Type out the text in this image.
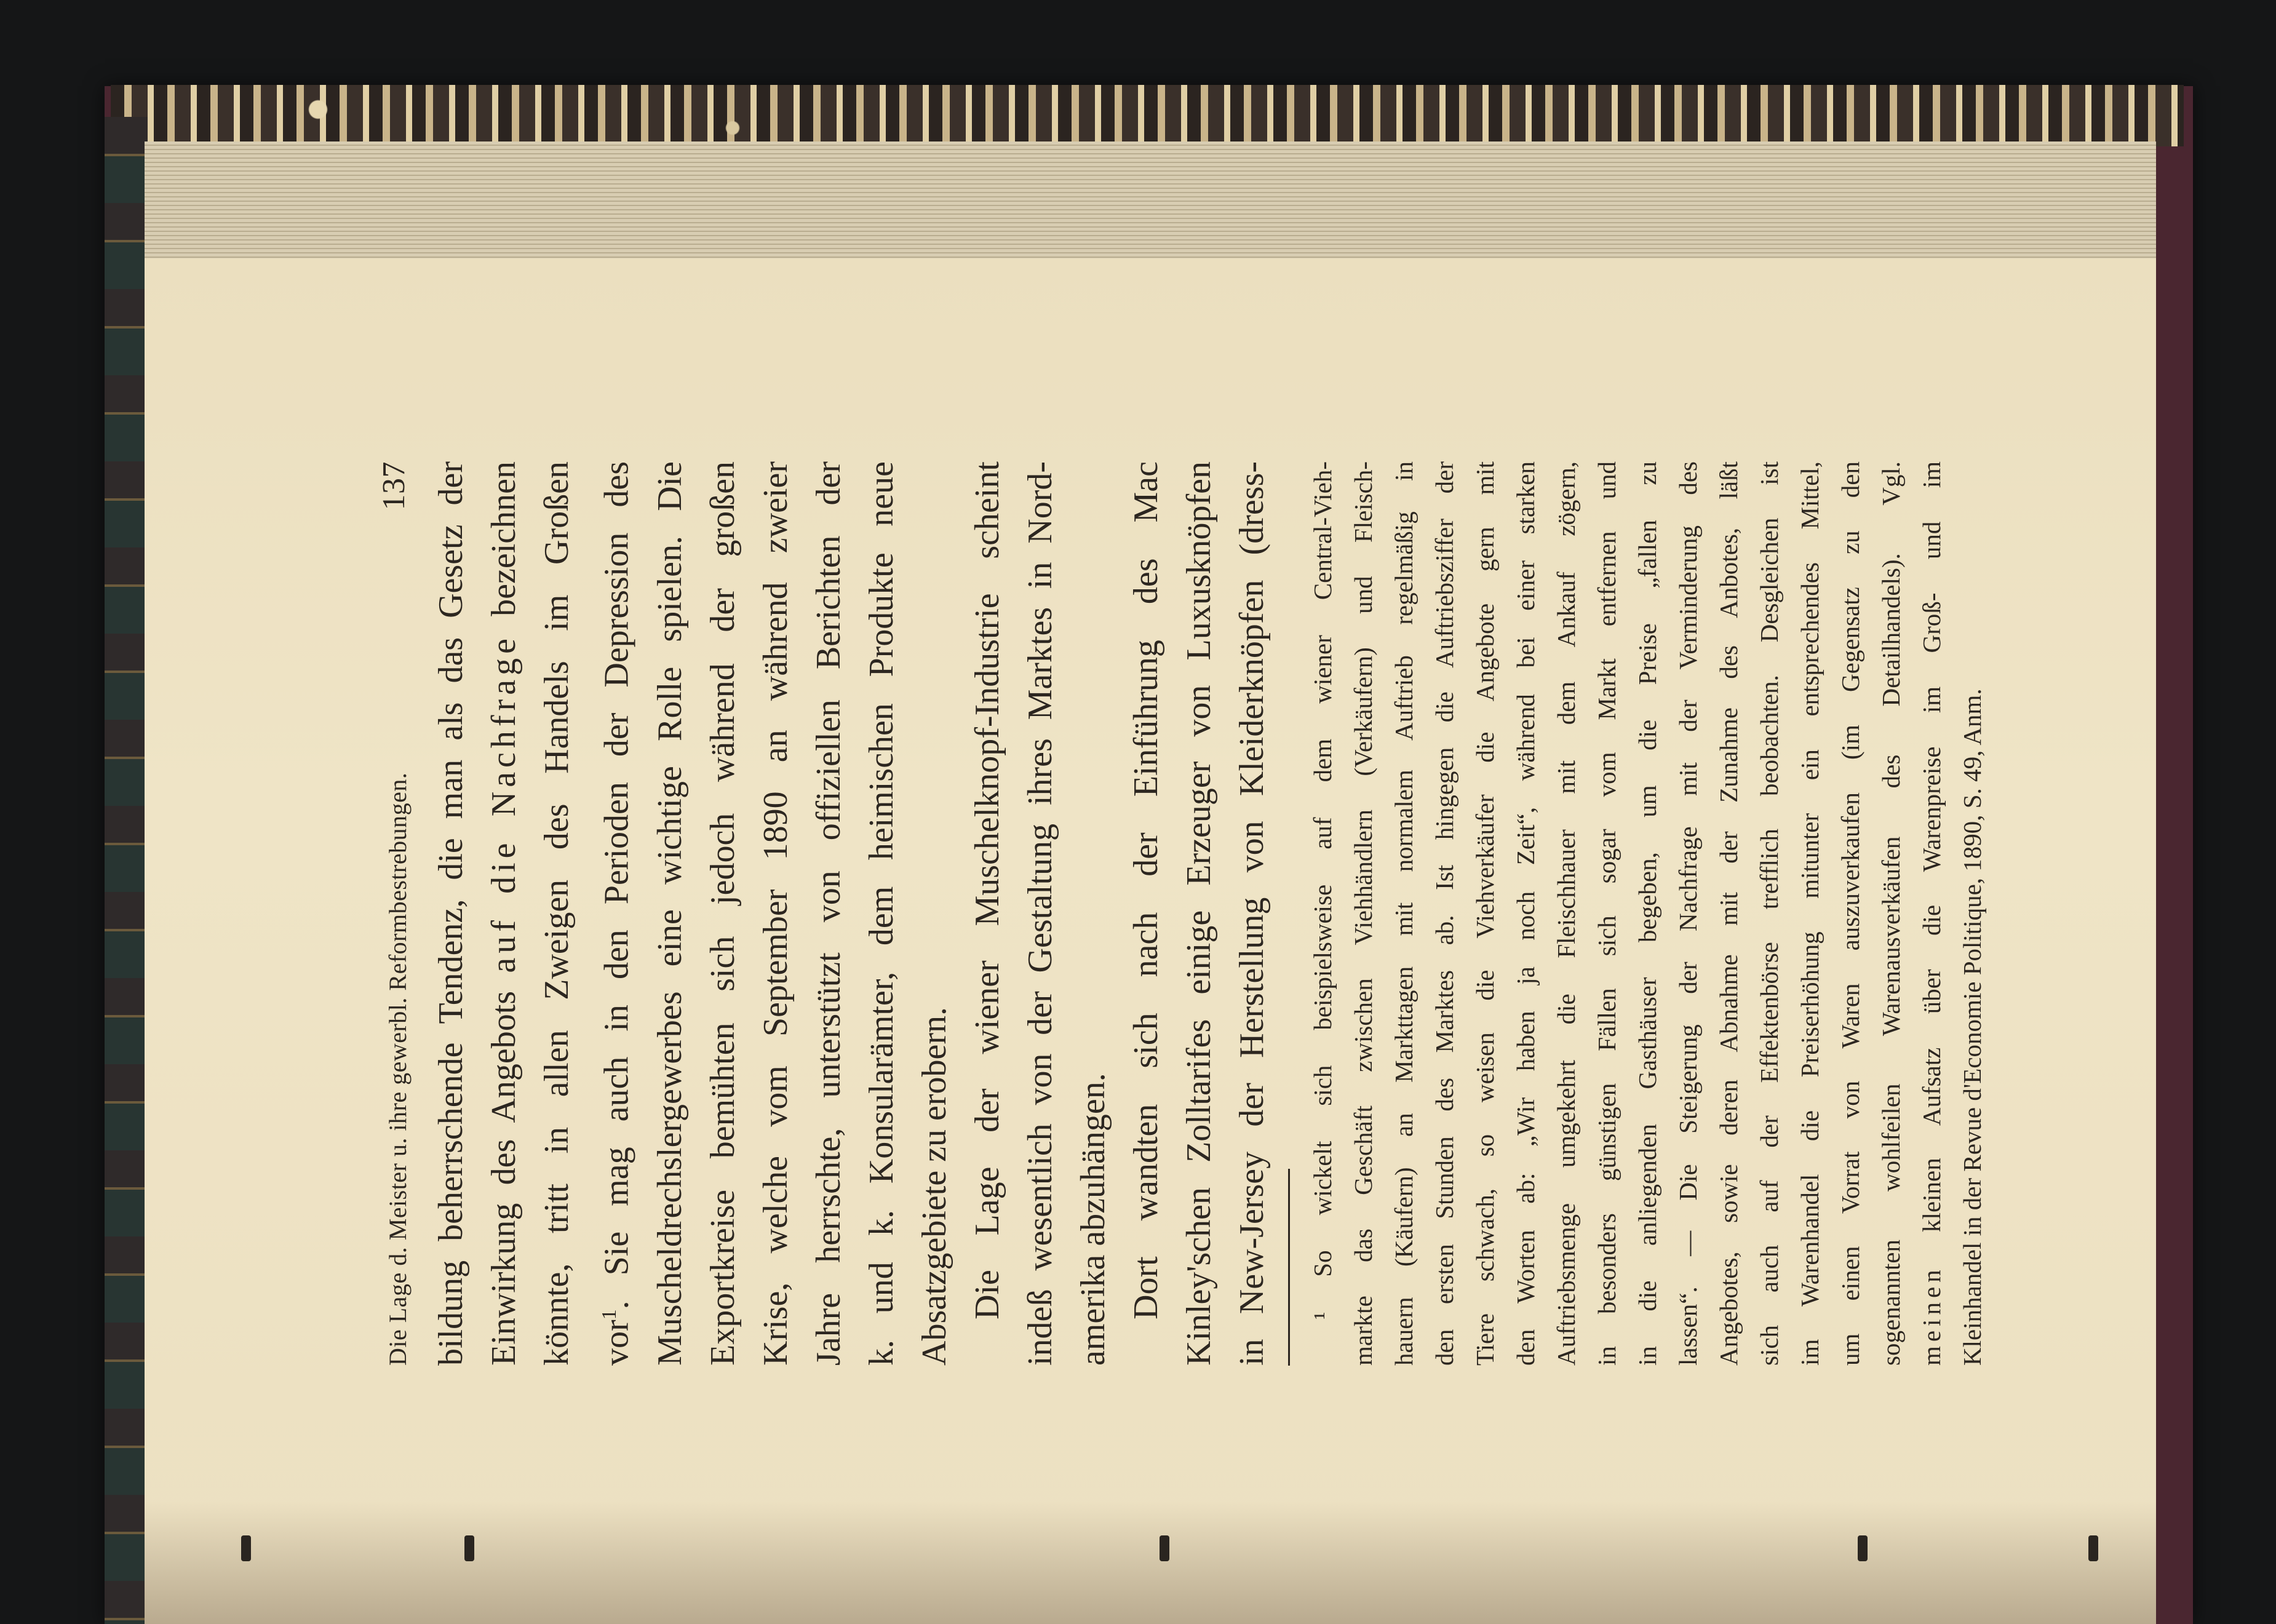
Die Lage d. Meister u. ihre gewerbl. Reformbestrebungen.
137 bildung beherrschende Tendenz, die man als das Gesetz der Einwirkung des Angebots auf die Nachfrage bezeichnen könnte, tritt in allen Zweigen des Handels im Großen vor$^1$. Sie mag auch in den Perioden der Depression des Muscheldrechslergewerbes eine wichtige Rolle spielen. Die Exportkreise bemühten sich jedoch während der großen Krise, welche vom September 1890 an während zweier Jahre herrschte, unterstützt von offiziellen Berichten der k. und k. Konsularämter, dem heimischen Produkte neue Absatzgebiete zu erobern. Die Lage der wiener Muschelknopf-Industrie scheint indeß wesentlich von der Gestaltung ihres Marktes in Nord- amerika abzuhängen. Dort wandten sich nach der Einführung des Mac Kinley'schen Zolltarifes einige Erzeuger von Luxusknöpfen in New-Jersey der Herstellung von Kleiderknöpfen (dress- ¹ So wickelt sich beispielsweise auf dem wiener Central-Vieh- markte das Geschäft zwischen Viehhändlern (Verkäufern) und Fleisch- hauern (Käufern) an Markttagen mit normalem Auftrieb regelmäßig in den ersten Stunden des Marktes ab. Ist hingegen die Auftriebsziffer der Tiere schwach, so weisen die Viehverkäufer die Angebote gern mit den Worten ab: „Wir haben ja noch Zeit“, während bei einer starken Auftriebsmenge umgekehrt die Fleischhauer mit dem Ankauf zögern, in besonders günstigen Fällen sich sogar vom Markt entfernen und in die anliegenden Gasthäuser begeben, um die Preise „fallen zu lassen“. — Die Steigerung der Nachfrage mit der Verminderung des Angebotes, sowie deren Abnahme mit der Zunahme des Anbotes, läßt sich auch auf der Effektenbörse trefflich beobachten. Desgleichen ist im Warenhandel die Preiserhöhung mitunter ein entsprechendes Mittel, um einen Vorrat von Waren auszuverkaufen (im Gegensatz zu den sogenannten wohlfeilen Warenausverkäufen des Detailhandels). Vgl. meinen kleinen Aufsatz über die Warenpreise im Groß- und im Kleinhandel in der Revue d'Economie Politique, 1890, S. 49, Anm.
